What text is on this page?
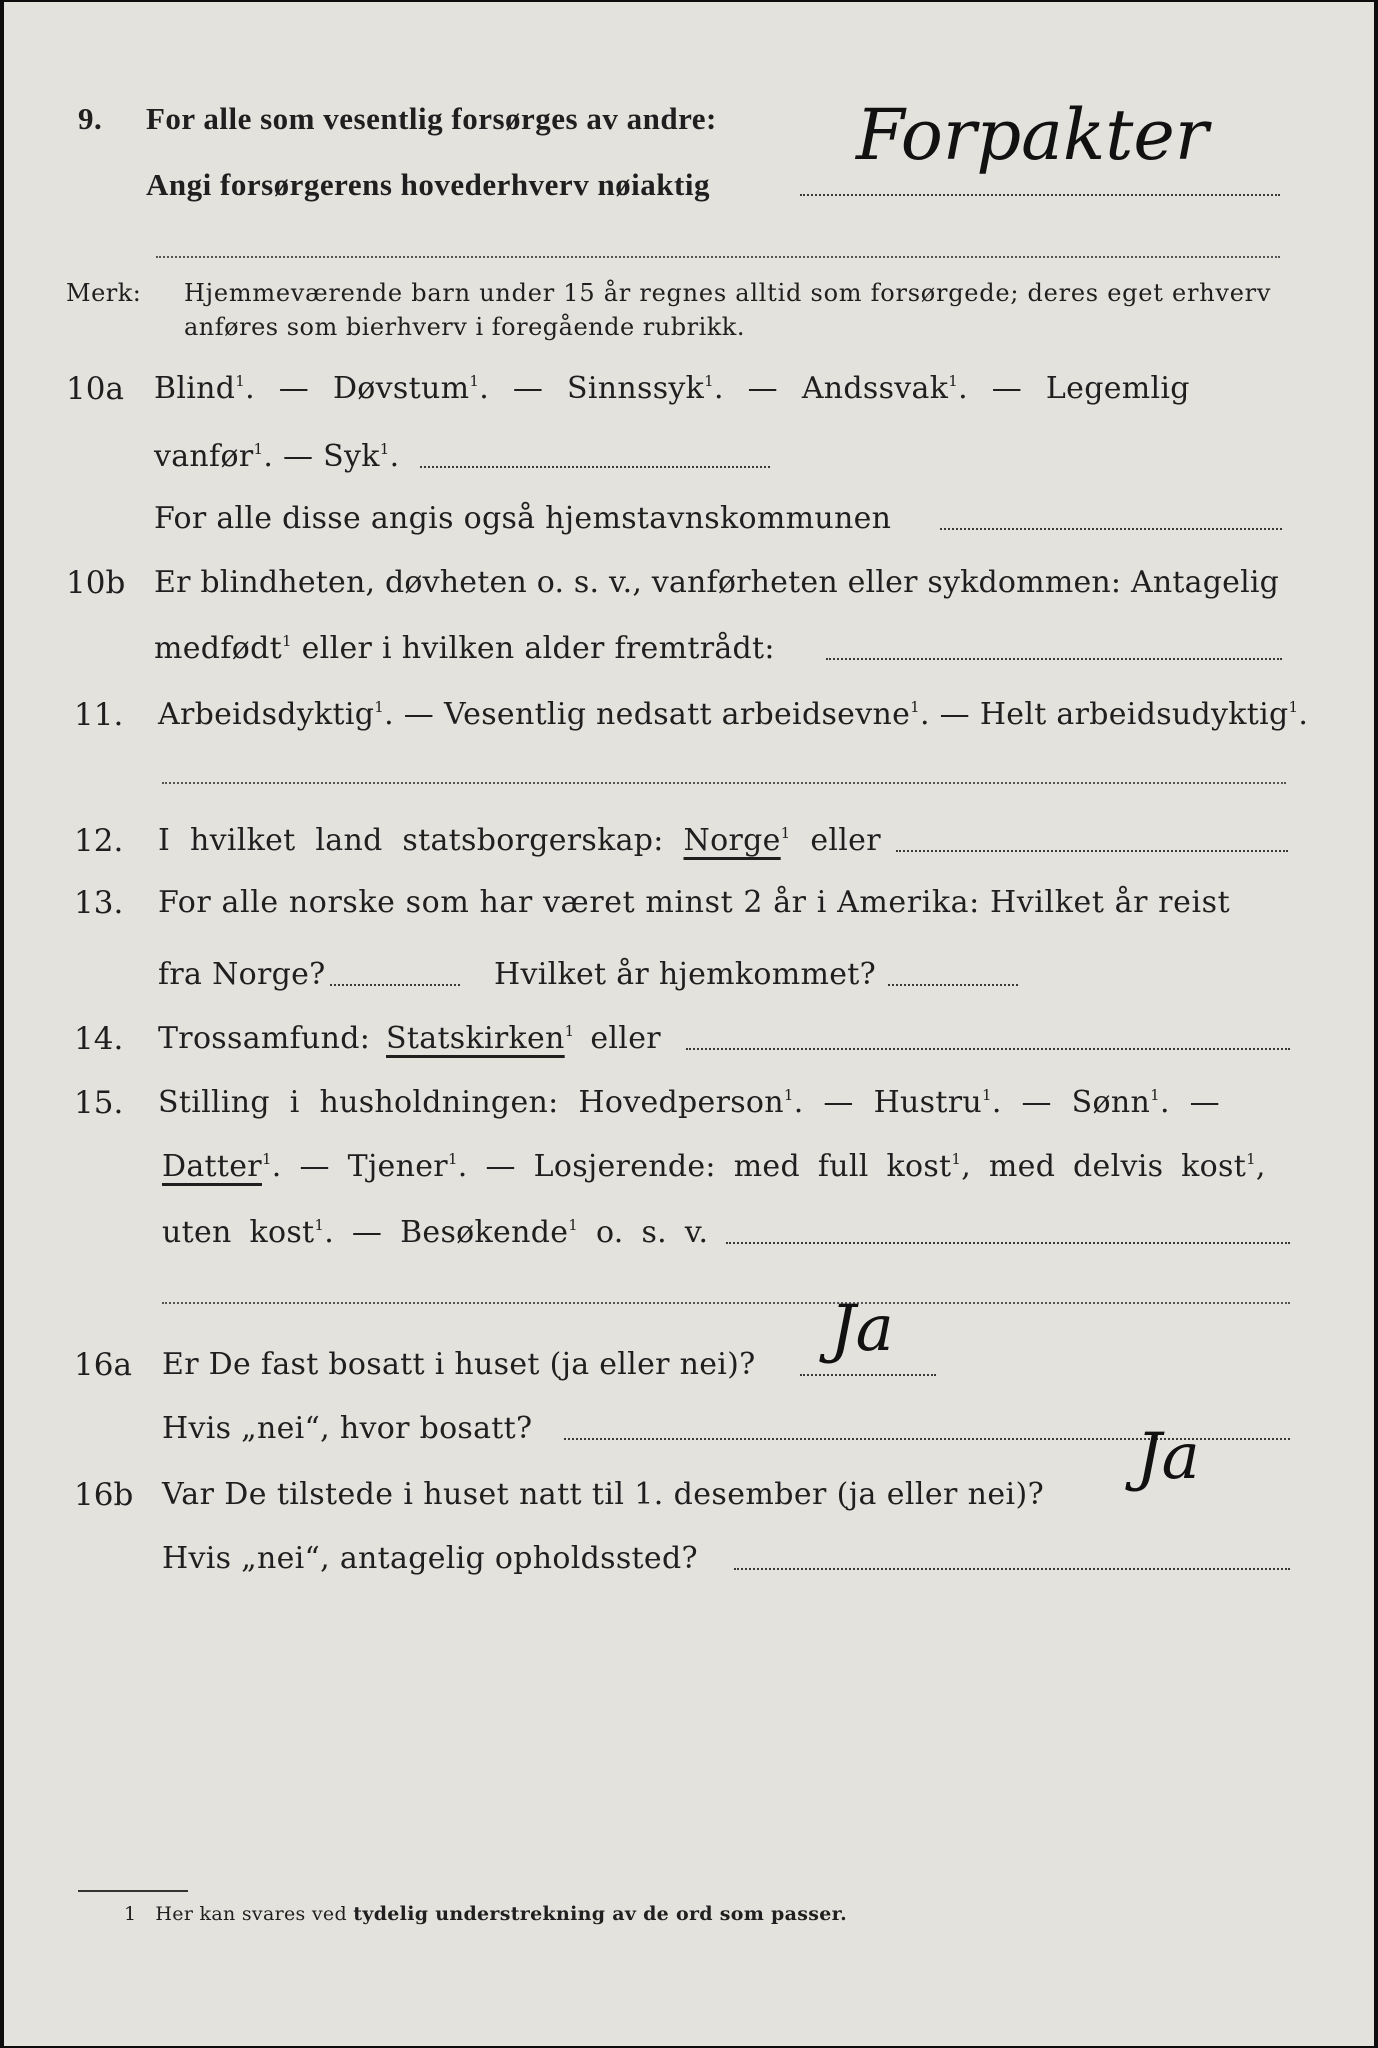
9. For alle som vesentlig forsørges av andre: Forpakter
Angi forsørgerens hovederhverv nøiaktig
Merk: Hjemmeværende barn under 15 år regnes alltid som forsørgede; deres eget erhverv
anføres som bierhverv i foregående rubrikk.
10a Blind$^1$. — Døvstum$^1$. — Sinnssyk$^1$. — Andssvak$^1$. — Legemlig
vanfør$^1$. — Syk$^1$.
For alle disse angis også hjemstavnskommunen
10b Er blindheten, døvheten o. s. v., vanførheten eller sykdommen: Antagelig
medfødt$^1$ eller i hvilken alder fremtrådt:
11. Arbeidsdyktig$^1$. — Vesentlig nedsatt arbeidsevne$^1$. — Helt arbeidsudyktig$^1$.
12. I hvilket land statsborgerskap: Norge$^1$ eller
13. For alle norske som har været minst 2 år i Amerika: Hvilket år reist
fra Norge?	Hvilket år hjemkommet?
14. Trossamfund: Statskirken$^1$ eller
15. Stilling i husholdningen: Hovedperson$^1$. — Hustru$^1$. — Sønn$^1$. —
Datter$^1$. — Tjener$^1$. — Losjerende: med full kost$^1$, med delvis kost$^1$,
uten kost$^1$. — Besøkende$^1$ o. s. v.
16a Er De fast bosatt i huset (ja eller nei)? Ja
Hvis „nei“, hvor bosatt?
16b Var De tilstede i huset natt til 1. desember (ja eller nei)?
Ja
Hvis „nei“, antagelig opholdssted?
1 Her kan svares ved tydelig understrekning av de ord som passer.
